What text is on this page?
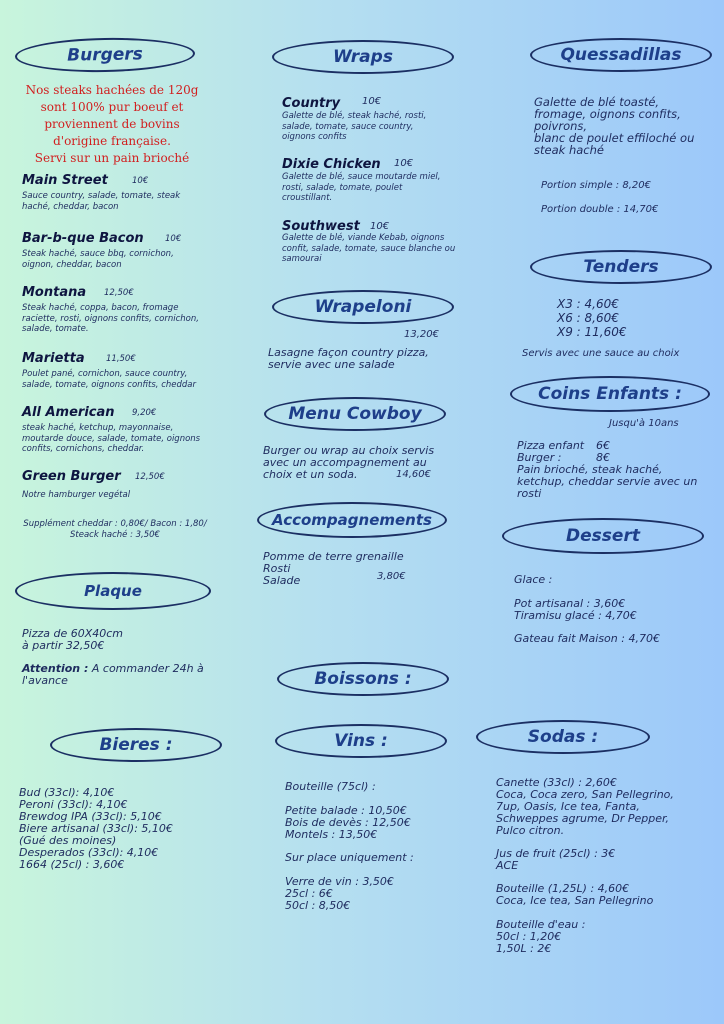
Burgers	Wraps	Quessadillas
Tenders
Wrapeloni
Menu Cowboy
Coins Enfants :
Accompagnements
Dessert
Plaque
Boissons :
Bieres :	Vins :	Sodas :
Nos steaks hachées de 120g
sont 100% pur boeuf et
proviennent de bovins
d'origine française.
Servi sur un pain brioché
Main Street	10€
Sauce country, salade, tomate, steak
haché, cheddar, bacon
Bar-b-que Bacon	10€
Steak haché, sauce bbq, cornichon,
oignon, cheddar, bacon
Montana 12,50€
Steak haché, coppa, bacon, fromage
raciette, rosti, oignons confits, cornichon,
salade, tomate.
Marietta	11,50€
Poulet pané, cornichon, sauce country,
salade, tomate, oignons confits, cheddar
All American 9,20€
steak haché, ketchup, mayonnaise,
moutarde douce, salade, tomate, oignons
confits, cornichons, cheddar.
Green Burger 12,50€
Notre hamburger vegétal
Supplément cheddar : 0,80€/ Bacon : 1,80/
Steack haché : 3,50€
Country 10€
Galette de blé, steak haché, rosti,
salade, tomate, sauce country,
oignons confits
Dixie Chicken 10€
Galette de blé, sauce moutarde miel,
rosti, salade, tomate, poulet
croustillant.
Southwest 10€
Galette de blé, viande Kebab, oignons
confit, salade, tomate, sauce blanche ou
samourai
13,20€
Lasagne façon country pizza,
servie avec une salade
Burger ou wrap au choix servis
avec un accompagnement au
choix et un soda.	14,60€
Pomme de terre grenaille
Rosti
Salade	3,80€
Galette de blé toasté,
fromage, oignons confits,
poivrons,
blanc de poulet effiloché ou
steak haché
Portion simple : 8,20€
Portion double : 14,70€
X3 : 4,60€
X6 : 8,60€
X9 : 11,60€
Servis avec une sauce au choix
Jusqu'à 10ans
Pizza enfant 6€
Burger :	8€
Pain brioché, steak haché,
ketchup, cheddar servie avec un
rosti
Glace :
Pot artisanal : 3,60€
Tiramisu glacé : 4,70€
Gateau fait Maison : 4,70€
Pizza de 60X40cm
à partir 32,50€
Attention : A commander 24h à
l'avance
Bud (33cl): 4,10€
Peroni (33cl): 4,10€
Brewdog IPA (33cl): 5,10€
Biere artisanal (33cl): 5,10€
(Gué des moines)
Desperados (33cl): 4,10€
1664 (25cl) : 3,60€
Bouteille (75cl) :
Petite balade : 10,50€
Bois de devès : 12,50€
Montels : 13,50€
Sur place uniquement :
Verre de vin : 3,50€
25cl : 6€
50cl : 8,50€
Canette (33cl) : 2,60€
Coca, Coca zero, San Pellegrino,
7up, Oasis, Ice tea, Fanta,
Schweppes agrume, Dr Pepper,
Pulco citron.
Jus de fruit (25cl) : 3€
ACE
Bouteille (1,25L) : 4,60€
Coca, Ice tea, San Pellegrino
Bouteille d'eau :
50cl : 1,20€
1,50L : 2€
